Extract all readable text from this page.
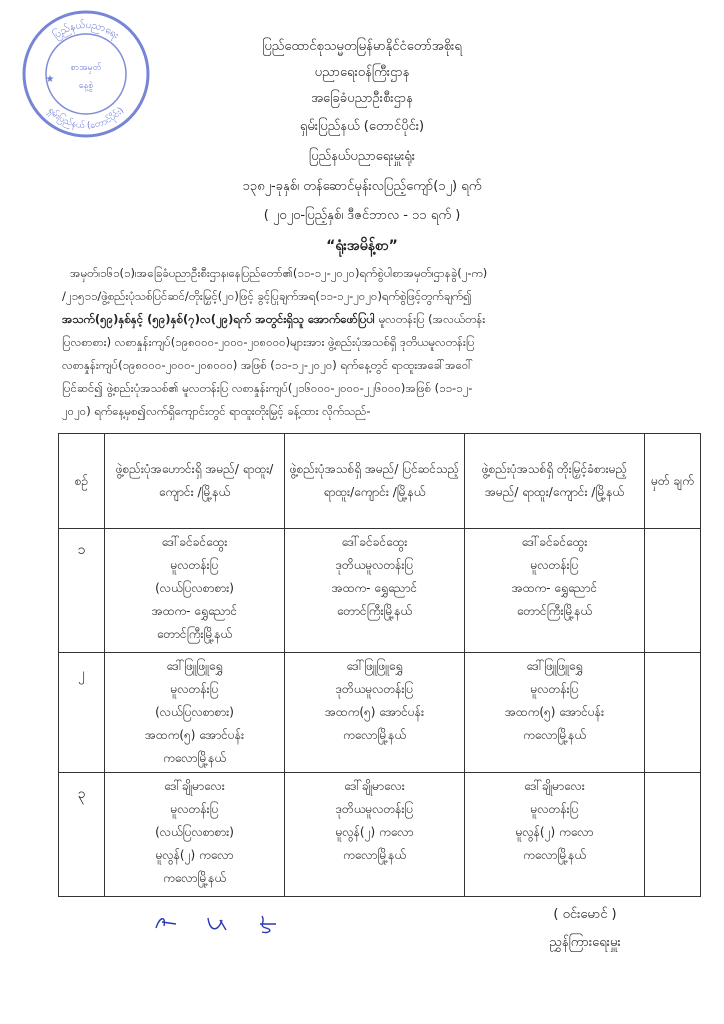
ပြည်နယ်ပညာရေး
ရှမ်းပြည်နယ် (တောင်ပိုင်း)
စာအမှတ်
နေ့စွဲ
★
ပြည်ထောင်စုသမ္မတမြန်မာနိုင်ငံတော်အစိုးရ
ပညာရေးဝန်ကြီးဌာန
အခြေခံပညာဦးစီးဌာန
ရှမ်းပြည်နယ် (တောင်ပိုင်း)
ပြည်နယ်ပညာရေးမှူးရုံး
၁၃၈၂-ခုနှစ်၊ တန်ဆောင်မုန်းလပြည့်ကျော်(၁၂) ရက်
( ၂၀၂၀-ပြည့်နှစ်၊ ဒီဇင်ဘာလ - ၁၁ ရက် )
“ရုံးအမိန့်စာ”
အမှတ်၊၁၆၁(၁)၊အခြေခံပညာဦးစီးဌာန၊နေပြည်တော်၏(၁၁-၁၂-၂၀၂၀)ရက်စွဲပါစာအမှတ်၊ဌာနခွဲ(၂-က)
/၂၁၅၁၁/ဖွဲ့စည်းပုံသစ်ပြင်ဆင်/တိုးမြှင့်(၂၀)ဖြင့် ခွင့်ပြုချက်အရ(၁၁-၁၂-၂၀၂၀)ရက်စွဲဖြင့်တွက်ချက်၍
အသက်(၅၉)နှစ်နှင့် (၅၉)နှစ်(၇)လ(၂၉)ရက် အတွင်းရှိသူ အောက်ဖော်ပြပါ မူလတန်းပြ (အလယ်တန်း
ပြလစာစား) လစာနှုန်းကျပ်(၁၉၈၀၀၀-၂၀၀၀-၂၀၈၀၀၀)များအား ဖွဲ့စည်းပုံအသစ်ရှိ ဒုတိယမူလတန်းပြ
လစာနှုန်းကျပ်(၁၉၈၀၀၀-၂၀၀၀-၂၀၈၀၀၀) အဖြစ် (၁၁-၁၂-၂၀၂၀) ရက်နေ့တွင် ရာထူးအခေါ်အဝေါ်
ပြင်ဆင်၍ ဖွဲ့စည်းပုံအသစ်၏ မူလတန်းပြ လစာနှုန်းကျပ်(၂၁၆၀၀၀-၂၀၀၀-၂၂၆၀၀၀)အဖြစ် (၁၁-၁၂-
၂၀၂၀) ရက်နေ့မှစ၍လက်ရှိကျောင်းတွင် ရာထူးတိုးမြှင့် ခန့်ထား လိုက်သည်-
စဉ်	ဖွဲ့စည်းပုံအဟောင်းရှိ အမည်/ ရာထူး/ကျောင်း /မြို့နယ်	ဖွဲ့စည်းပုံအသစ်ရှိ အမည်/ ပြင်ဆင်သည့် ရာထူး/ကျောင်း /မြို့နယ်	ဖွဲ့စည်းပုံအသစ်ရှိ တိုးမြှင့်ခံစားမည့် အမည်/ ရာထူး/ကျောင်း /မြို့နယ်	မှတ် ချက်
၁	ဒေါ်ခင်ခင်ထွေး
မူလတန်းပြ
(လယ်ပြလစာစား)
အထက- ရွှေညောင်
တောင်ကြီးမြို့နယ်	ဒေါ်ခင်ခင်ထွေး
ဒုတိယမူလတန်းပြ
အထက- ရွှေညောင်
တောင်ကြီးမြို့နယ်	ဒေါ်ခင်ခင်ထွေး
မူလတန်းပြ
အထက- ရွှေညောင်
တောင်ကြီးမြို့နယ်	

၂	ဒေါ်ဖြူဖြူရွှေ
မူလတန်းပြ
(လယ်ပြလစာစား)
အထက(၅) အောင်ပန်း
ကလောမြို့နယ်	ဒေါ်ဖြူဖြူရွှေ
ဒုတိယမူလတန်းပြ
အထက(၅) အောင်ပန်း
ကလောမြို့နယ်	ဒေါ်ဖြူဖြူရွှေ
မူလတန်းပြ
အထက(၅) အောင်ပန်း
ကလောမြို့နယ်	

၃	ဒေါ်ချိုမာလေး
မူလတန်းပြ
(လယ်ပြလစာစား)
မူလွန်(၂) ကလော
ကလောမြို့နယ်	ဒေါ်ချိုမာလေး
ဒုတိယမူလတန်းပြ
မူလွန်(၂) ကလော
ကလောမြို့နယ်	ဒေါ်ချိုမာလေး
မူလတန်းပြ
မူလွန်(၂) ကလော
ကလောမြို့နယ်	

( ဝင်းမောင် )
ညွှန်ကြားရေးမှူး
